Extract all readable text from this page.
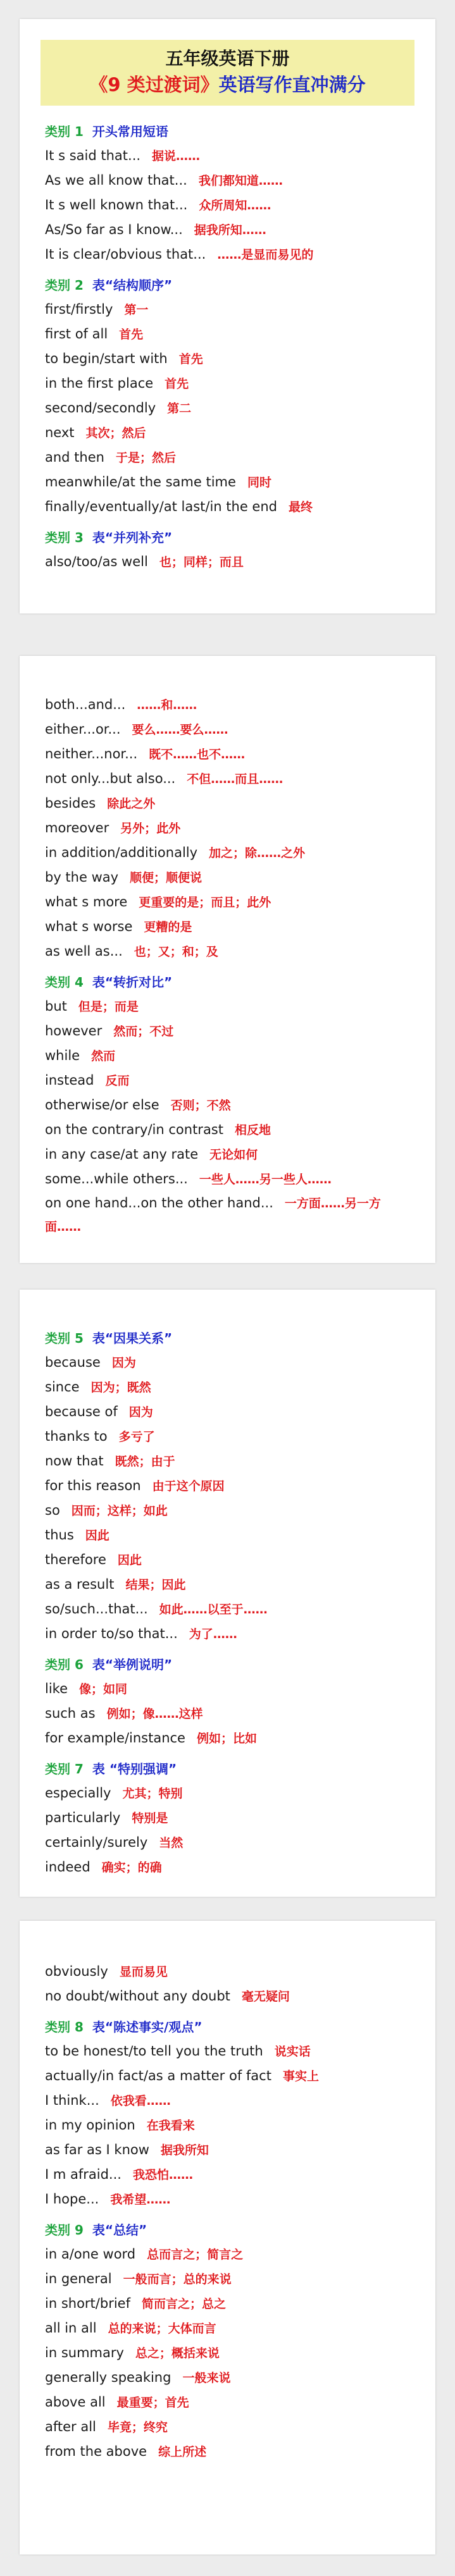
五年级英语下册
《9 类过渡词》英语写作直冲满分
类别 1 开头常用短语
It s said that... 据说……
As we all know that... 我们都知道……
It s well known that... 众所周知……
As/So far as I know... 据我所知……
It is clear/obvious that... ……是显而易见的
类别 2 表“结构顺序”
first/firstly 第一
first of all 首先
to begin/start with 首先
in the first place 首先
second/secondly 第二
next 其次；然后
and then 于是；然后
meanwhile/at the same time 同时
finally/eventually/at last/in the end 最终
类别 3 表“并列补充”
also/too/as well 也；同样；而且
both...and... ……和……
either...or... 要么……要么……
neither...nor... 既不……也不……
not only...but also... 不但……而且……
besides 除此之外
moreover 另外；此外
in addition/additionally 加之；除……之外
by the way 顺便；顺便说
what s more 更重要的是；而且；此外
what s worse 更糟的是
as well as... 也；又；和；及
类别 4 表“转折对比”
but 但是；而是
however 然而；不过
while 然而
instead 反而
otherwise/or else 否则；不然
on the contrary/in contrast 相反地
in any case/at any rate 无论如何
some...while others... 一些人……另一些人……
on one hand...on the other hand... 一方面……另一方面……
类别 5 表“因果关系”
because 因为
since 因为；既然
because of 因为
thanks to 多亏了
now that 既然；由于
for this reason 由于这个原因
so 因而；这样；如此
thus 因此
therefore 因此
as a result 结果；因此
so/such...that... 如此……以至于……
in order to/so that... 为了……
类别 6 表“举例说明”
like 像；如同
such as 例如；像……这样
for example/instance 例如；比如
类别 7 表 “特别强调”
especially 尤其；特别
particularly 特别是
certainly/surely 当然
indeed 确实；的确
obviously 显而易见
no doubt/without any doubt 毫无疑问
类别 8 表“陈述事实/观点”
to be honest/to tell you the truth 说实话
actually/in fact/as a matter of fact 事实上
I think... 依我看……
in my opinion 在我看来
as far as I know 据我所知
I m afraid... 我恐怕……
I hope... 我希望……
类别 9 表“总结”
in a/one word 总而言之；简言之
in general 一般而言；总的来说
in short/brief 简而言之；总之
all in all 总的来说；大体而言
in summary 总之；概括来说
generally speaking 一般来说
above all 最重要；首先
after all 毕竟；终究
from the above 综上所述
